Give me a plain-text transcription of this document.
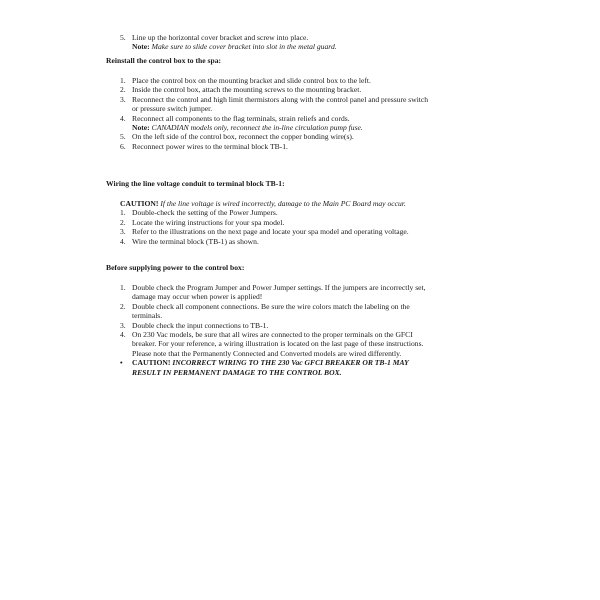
5. Line up the horizontal cover bracket and screw into place.
Note: Make sure to slide cover bracket into slot in the metal guard.
Reinstall the control box to the spa:
1. Place the control box on the mounting bracket and slide control box to the left.
2. Inside the control box, attach the mounting screws to the mounting bracket.
3. Reconnect the control and high limit thermistors along with the control panel and pressure switch
or pressure switch jumper.
4. Reconnect all components to the flag terminals, strain reliefs and cords.
Note: CANADIAN models only, reconnect the in-line circulation pump fuse.
5. On the left side of the control box, reconnect the copper bonding wire(s).
6. Reconnect power wires to the terminal block TB-1.
Wiring the line voltage conduit to terminal block TB-1:
CAUTION! If the line voltage is wired incorrectly, damage to the Main PC Board may occur.
1. Double-check the setting of the Power Jumpers.
2. Locate the wiring instructions for your spa model.
3. Refer to the illustrations on the next page and locate your spa model and operating voltage.
4. Wire the terminal block (TB-1) as shown.
Before supplying power to the control box:
1. Double check the Program Jumper and Power Jumper settings. If the jumpers are incorrectly set,
damage may occur when power is applied!
2. Double check all component connections. Be sure the wire colors match the labeling on the
terminals.
3. Double check the input connections to TB-1.
4. On 230 Vac models, be sure that all wires are connected to the proper terminals on the GFCI
breaker. For your reference, a wiring illustration is located on the last page of these instructions.
Please note that the Permanently Connected and Converted models are wired differently.
• CAUTION! INCORRECT WIRING TO THE 230 Vac GFCI BREAKER OR TB-1 MAY
RESULT IN PERMANENT DAMAGE TO THE CONTROL BOX.
